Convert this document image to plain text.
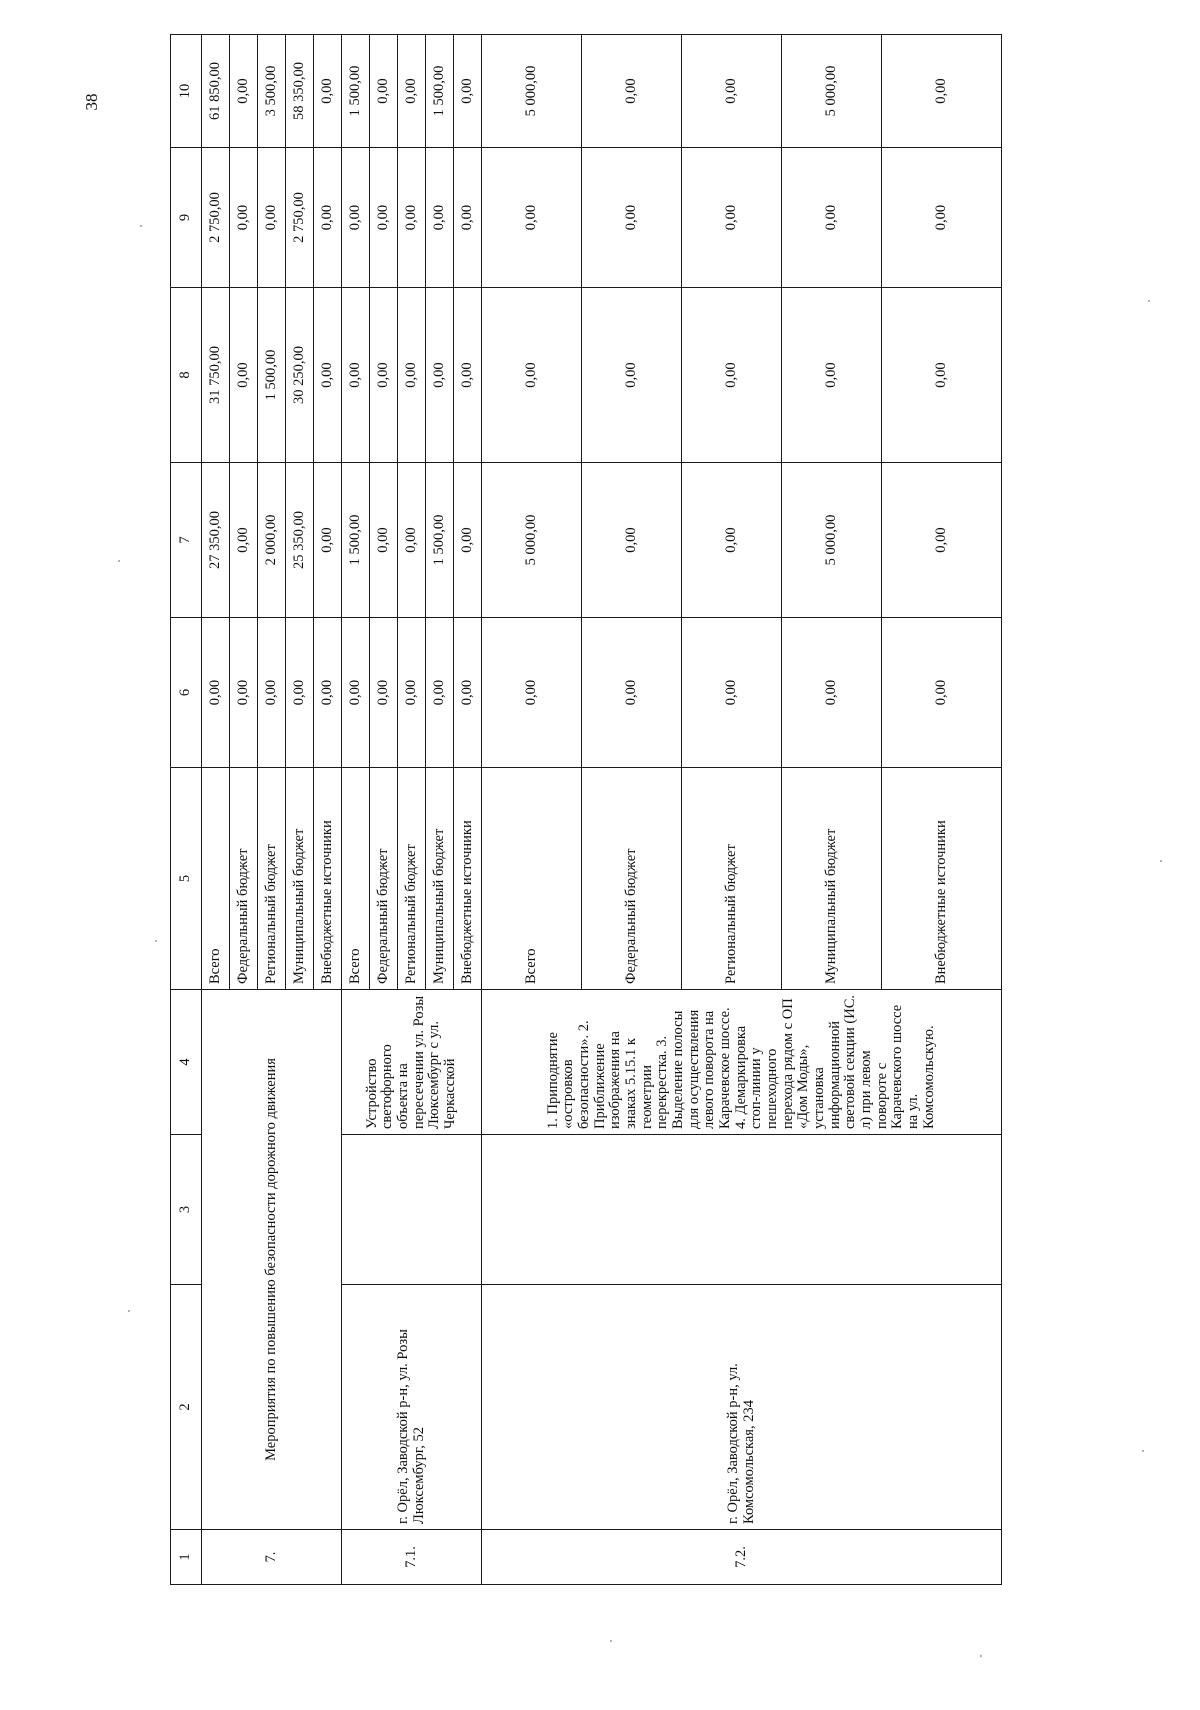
38
1	2	3	4	5	6	7	8	9	10
7.	Мероприятия по повышению безопасности дорожного движения			Всего	0,00	27 350,00	31 750,00	2 750,00	61 850,00
				Федеральный бюджет	0,00	0,00	0,00	0,00	0,00
				Региональный бюджет	0,00	2 000,00	1 500,00	0,00	3 500,00
				Муниципальный бюджет	0,00	25 350,00	30 250,00	2 750,00	58 350,00
				Внебюджетные источники	0,00	0,00	0,00	0,00	0,00
7.1.	г. Орёл, Заводской р-н, ул. Розы Люксембург, 52		Устройство светофорного объекта на пересечении ул. Розы Люксембург с ул. Черкасской	Всего	0,00	1 500,00	0,00	0,00	1 500,00
				Федеральный бюджет	0,00	0,00	0,00	0,00	0,00
				Региональный бюджет	0,00	0,00	0,00	0,00	0,00
				Муниципальный бюджет	0,00	1 500,00	0,00	0,00	1 500,00
				Внебюджетные источники	0,00	0,00	0,00	0,00	0,00
7.2.	г. Орёл, Заводской р-н, ул. Комсомольская, 234		1. Приподнятие «островков безопасности». 2. Приближение изображения на знаках 5.15.1 к геометрии перекрестка. 3. Выделение полосы для осуществления левого поворота на Карачевское шоссе. 4. Демаркировка стоп-линии у пешеходного перехода рядом с ОП «Дом Моды», установка информационной световой секции (ИС. л) при левом повороте с Карачевского шоссе на ул. Комсомольскую.	Всего	0,00	5 000,00	0,00	0,00	5 000,00
				Федеральный бюджет	0,00	0,00	0,00	0,00	0,00
				Региональный бюджет	0,00	0,00	0,00	0,00	0,00
				Муниципальный бюджет	0,00	5 000,00	0,00	0,00	5 000,00
				Внебюджетные источники	0,00	0,00	0,00	0,00	0,00
